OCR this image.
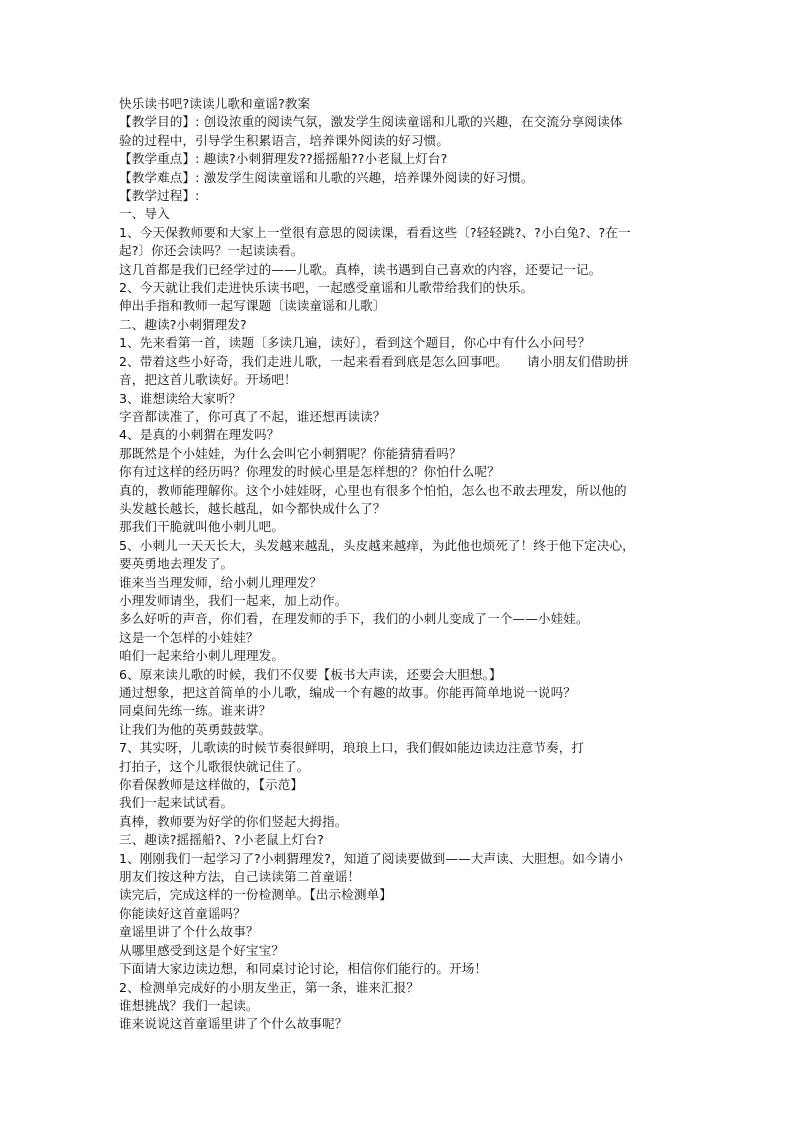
快乐读书吧?读读儿歌和童谣?教案
【教学目的】: 创设浓重的阅读气氛，激发学生阅读童谣和儿歌的兴趣，在交流分享阅读体
验的过程中，引导学生积累语言，培养课外阅读的好习惯。
【教学重点】: 趣读?小刺猬理发??摇摇船??小老鼠上灯台?
【教学难点】: 激发学生阅读童谣和儿歌的兴趣，培养课外阅读的好习惯。
【教学过程】:
一、导入
1、今天保教师要和大家上一堂很有意思的阅读课，看看这些〔?轻轻跳?、?小白兔?、?在一
起?〕你还会读吗？一起读读看。
这几首都是我们已经学过的——儿歌。真棒，读书遇到自己喜欢的内容，还要记一记。
2、今天就让我们走进快乐读书吧，一起感受童谣和儿歌带给我们的快乐。
伸出手指和教师一起写课题〔读读童谣和儿歌〕
二、趣读?小刺猬理发?
1、先来看第一首，读题〔多读几遍，读好〕，看到这个题目，你心中有什么小问号？
2、带着这些小好奇，我们走进儿歌，一起来看看到底是怎么回事吧。　　请小朋友们借助拼
音，把这首儿歌读好。开场吧！
3、谁想读给大家听？
字音都读准了，你可真了不起，谁还想再读读？
4、是真的小刺猬在理发吗？
那既然是个小娃娃，为什么会叫它小刺猬呢？你能猜猜看吗？
你有过这样的经历吗？你理发的时候心里是怎样想的？你怕什么呢？
真的，教师能理解你。这个小娃娃呀，心里也有很多个怕怕，怎么也不敢去理发，所以他的
头发越长越长，越长越乱，如今都快成什么了？
那我们干脆就叫他小刺儿吧。
5、小刺儿一天天长大，头发越来越乱，头皮越来越痒，为此他也烦死了！终于他下定决心，
要英勇地去理发了。
谁来当当理发师，给小刺儿理理发？
小理发师请坐，我们一起来，加上动作。
多么好听的声音，你们看，在理发师的手下，我们的小刺儿变成了一个——小娃娃。
这是一个怎样的小娃娃？
咱们一起来给小刺儿理理发。
6、原来读儿歌的时候，我们不仅要【板书大声读，还要会大胆想。】
通过想象，把这首简单的小儿歌，编成一个有趣的故事。你能再简单地说一说吗？
同桌间先练一练。谁来讲？
让我们为他的英勇鼓鼓掌。
7、其实呀，儿歌读的时候节奏很鲜明，琅琅上口，我们假如能边读边注意节奏，打
打拍子，这个儿歌很快就记住了。
你看保教师是这样做的，【示范】
我们一起来试试看。
真棒，教师要为好学的你们竖起大拇指。
三、趣读?摇摇船?、?小老鼠上灯台?
1、刚刚我们一起学习了?小刺猬理发?，知道了阅读要做到——大声读、大胆想。如今请小
朋友们按这种方法，自己读读第二首童谣！
读完后，完成这样的一份检测单。【出示检测单】
你能读好这首童谣吗？
童谣里讲了个什么故事？
从哪里感受到这是个好宝宝？
下面请大家边读边想，和同桌讨论讨论，相信你们能行的。开场！
2、检测单完成好的小朋友坐正，第一条，谁来汇报？
谁想挑战？我们一起读。
谁来说说这首童谣里讲了个什么故事呢？
